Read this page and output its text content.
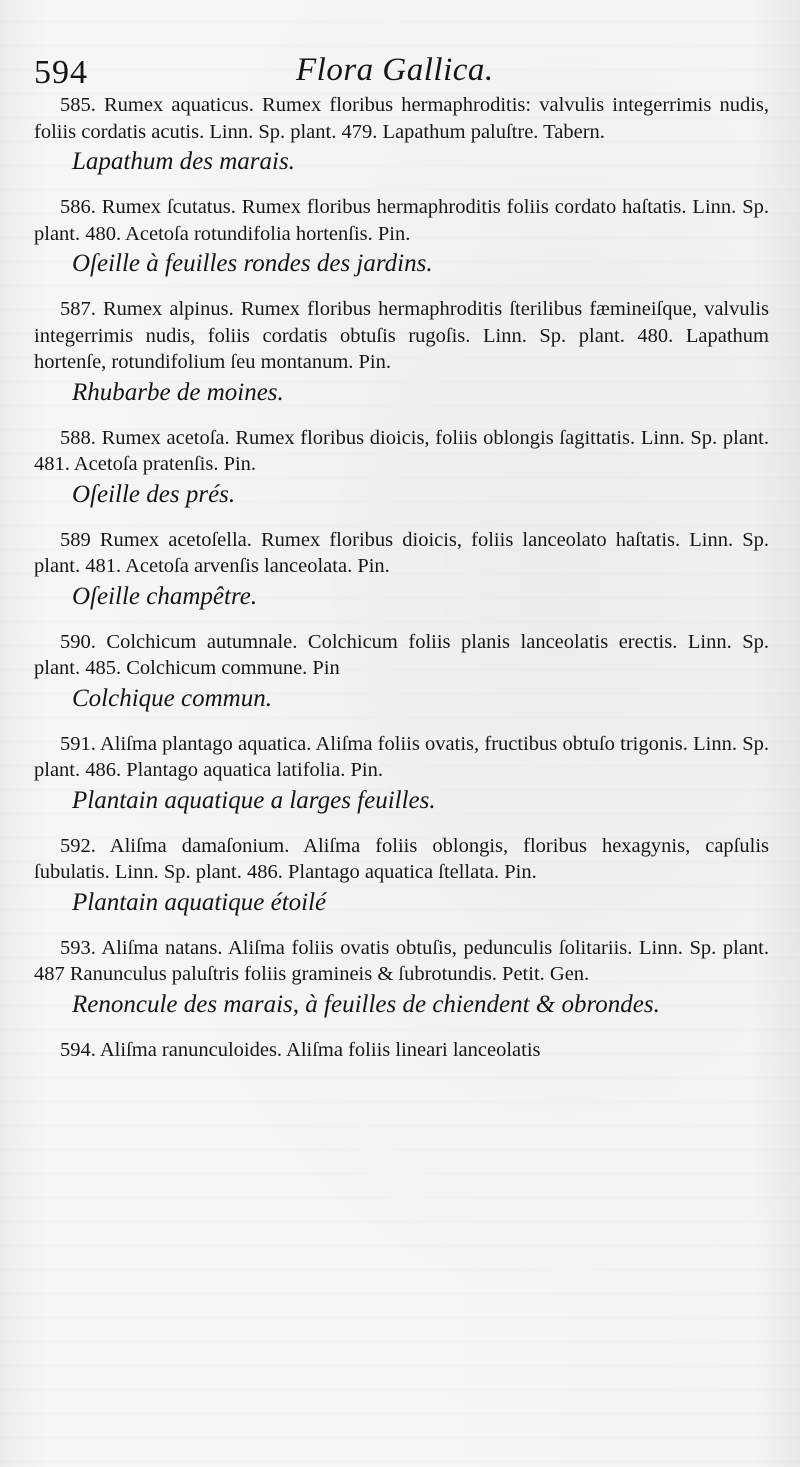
594	Flora Gallica.
585. Rumex aquaticus. Rumex floribus hermaphroditis: valvulis integerrimis nudis, foliis cordatis acutis. Linn. Sp. plant. 479. Lapathum paluſtre. Tabern.
Lapathum des marais.
586. Rumex ſcutatus. Rumex floribus hermaphroditis foliis cordato haſtatis. Linn. Sp. plant. 480. Acetoſa rotundifolia hortenſis. Pin.
Oſeille à feuilles rondes des jardins.
587. Rumex alpinus. Rumex floribus hermaphroditis ſterilibus fæmineiſque, valvulis integerrimis nudis, foliis cordatis obtuſis rugoſis. Linn. Sp. plant. 480. Lapathum hortenſe, rotundifolium ſeu montanum. Pin.
Rhubarbe de moines.
588. Rumex acetoſa. Rumex floribus dioicis, foliis oblongis ſagittatis. Linn. Sp. plant. 481. Acetoſa pratenſis. Pin.
Oſeille des prés.
589 Rumex acetoſella. Rumex floribus dioicis, foliis lanceolato haſtatis. Linn. Sp. plant. 481. Acetoſa arvenſis lanceolata. Pin.
Oſeille champêtre.
590. Colchicum autumnale. Colchicum foliis planis lanceolatis erectis. Linn. Sp. plant. 485. Colchicum commune. Pin
Colchique commun.
591. Aliſma plantago aquatica. Aliſma foliis ovatis, fructibus obtuſo trigonis. Linn. Sp. plant. 486. Plantago aquatica latifolia. Pin.
Plantain aquatique a larges feuilles.
592. Aliſma damaſonium. Aliſma foliis oblongis, floribus hexagynis, capſulis ſubulatis. Linn. Sp. plant. 486. Plantago aquatica ſtellata. Pin.
Plantain aquatique étoilé
593. Aliſma natans. Aliſma foliis ovatis obtuſis, pedunculis ſolitariis. Linn. Sp. plant. 487 Ranunculus paluſtris foliis gramineis & ſubrotundis. Petit. Gen.
Renoncule des marais, à feuilles de chiendent & obrondes.
594. Aliſma ranunculoides. Aliſma foliis lineari lanceolatis
